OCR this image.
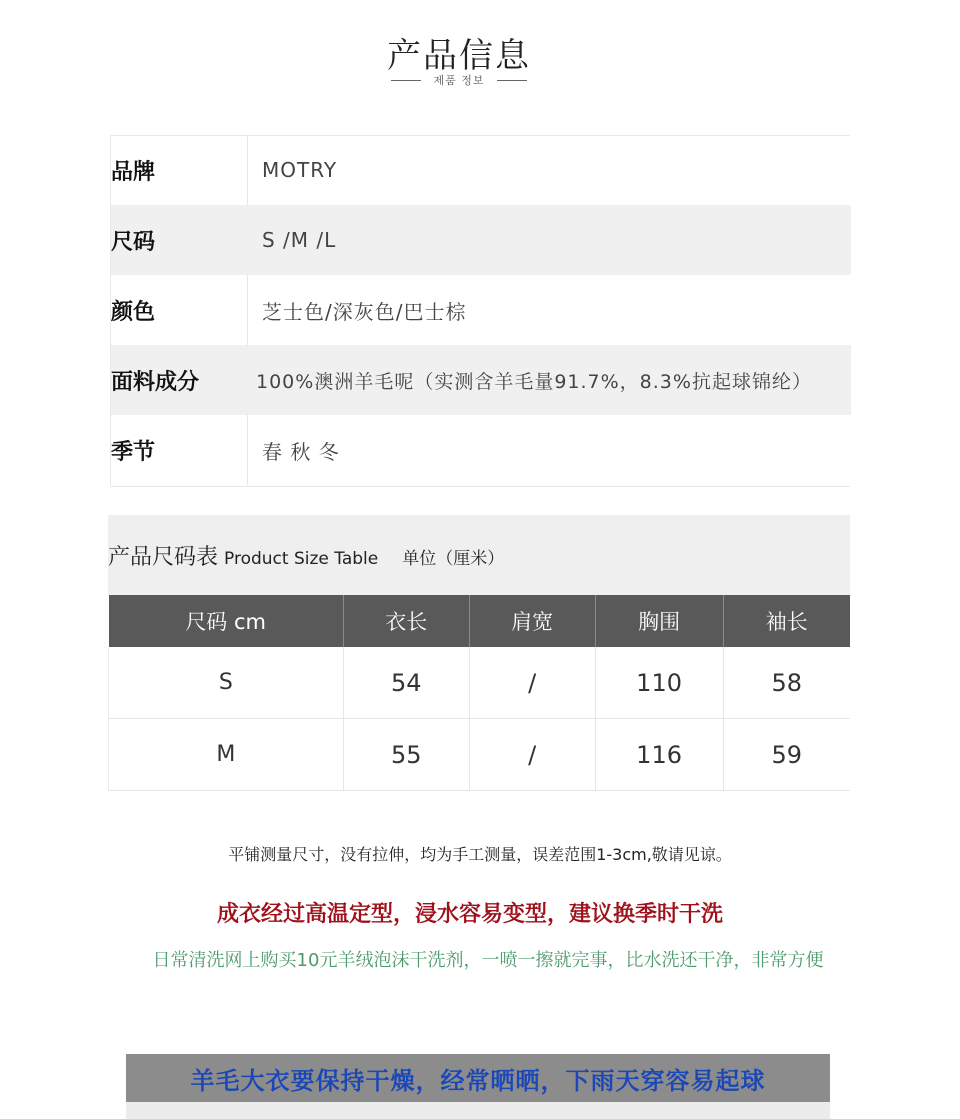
产品信息
제품 정보
品牌	MOTRY
尺码	S /M /L
颜色	芝士色/深灰色/巴士棕
面料成分	100%澳洲羊毛呢（实测含羊毛量91.7%，8.3%抗起球锦纶）
季节	春 秋 冬
产品尺码表 Product Size Table 单位（厘米）
尺码 cm	衣长	肩宽	胸围	袖长
S	54	/	110	58
M	55	/	116	59
平铺测量尺寸，没有拉伸，均为手工测量，误差范围1-3cm,敬请见谅。
成衣经过高温定型，浸水容易变型，建议换季时干洗
日常清洗网上购买10元羊绒泡沫干洗剂，一喷一擦就完事，比水洗还干净，非常方便
羊毛大衣要保持干燥，经常晒晒，下雨天穿容易起球
